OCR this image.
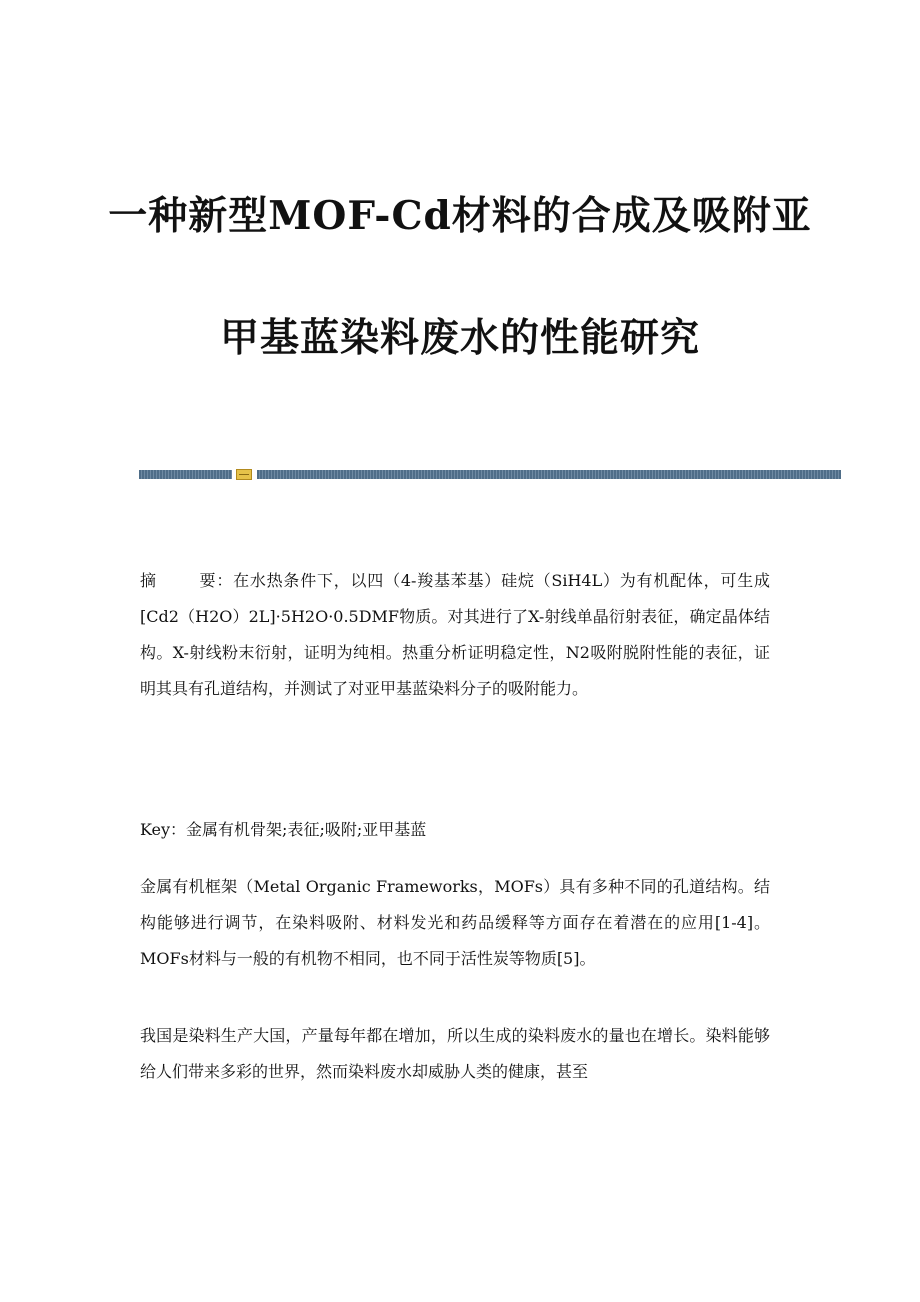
一种新型MOF-Cd材料的合成及吸附亚
甲基蓝染料废水的性能研究

摘	要：在水热条件下，以四（4-羧基苯基）硅烷（SiH4L）为有机配体，可生成[Cd2（H2O）2L]·5H2O·0.5DMF物质。对其进行了X-射线单晶衍射表征，确定晶体结构。X-射线粉末衍射，证明为纯相。热重分析证明稳定性，N2吸附脱附性能的表征，证明其具有孔道结构，并测试了对亚甲基蓝染料分子的吸附能力。

Key：金属有机骨架;表征;吸附;亚甲基蓝

金属有机框架（Metal Organic Frameworks，MOFs）具有多种不同的孔道结构。结构能够进行调节，在染料吸附、材料发光和药品缓释等方面存在着潜在的应用[1-4]。MOFs材料与一般的有机物不相同，也不同于活性炭等物质[5]。

我国是染料生产大国，产量每年都在增加，所以生成的染料废水的量也在增长。染料能够给人们带来多彩的世界，然而染料废水却威胁人类的健康，甚至
